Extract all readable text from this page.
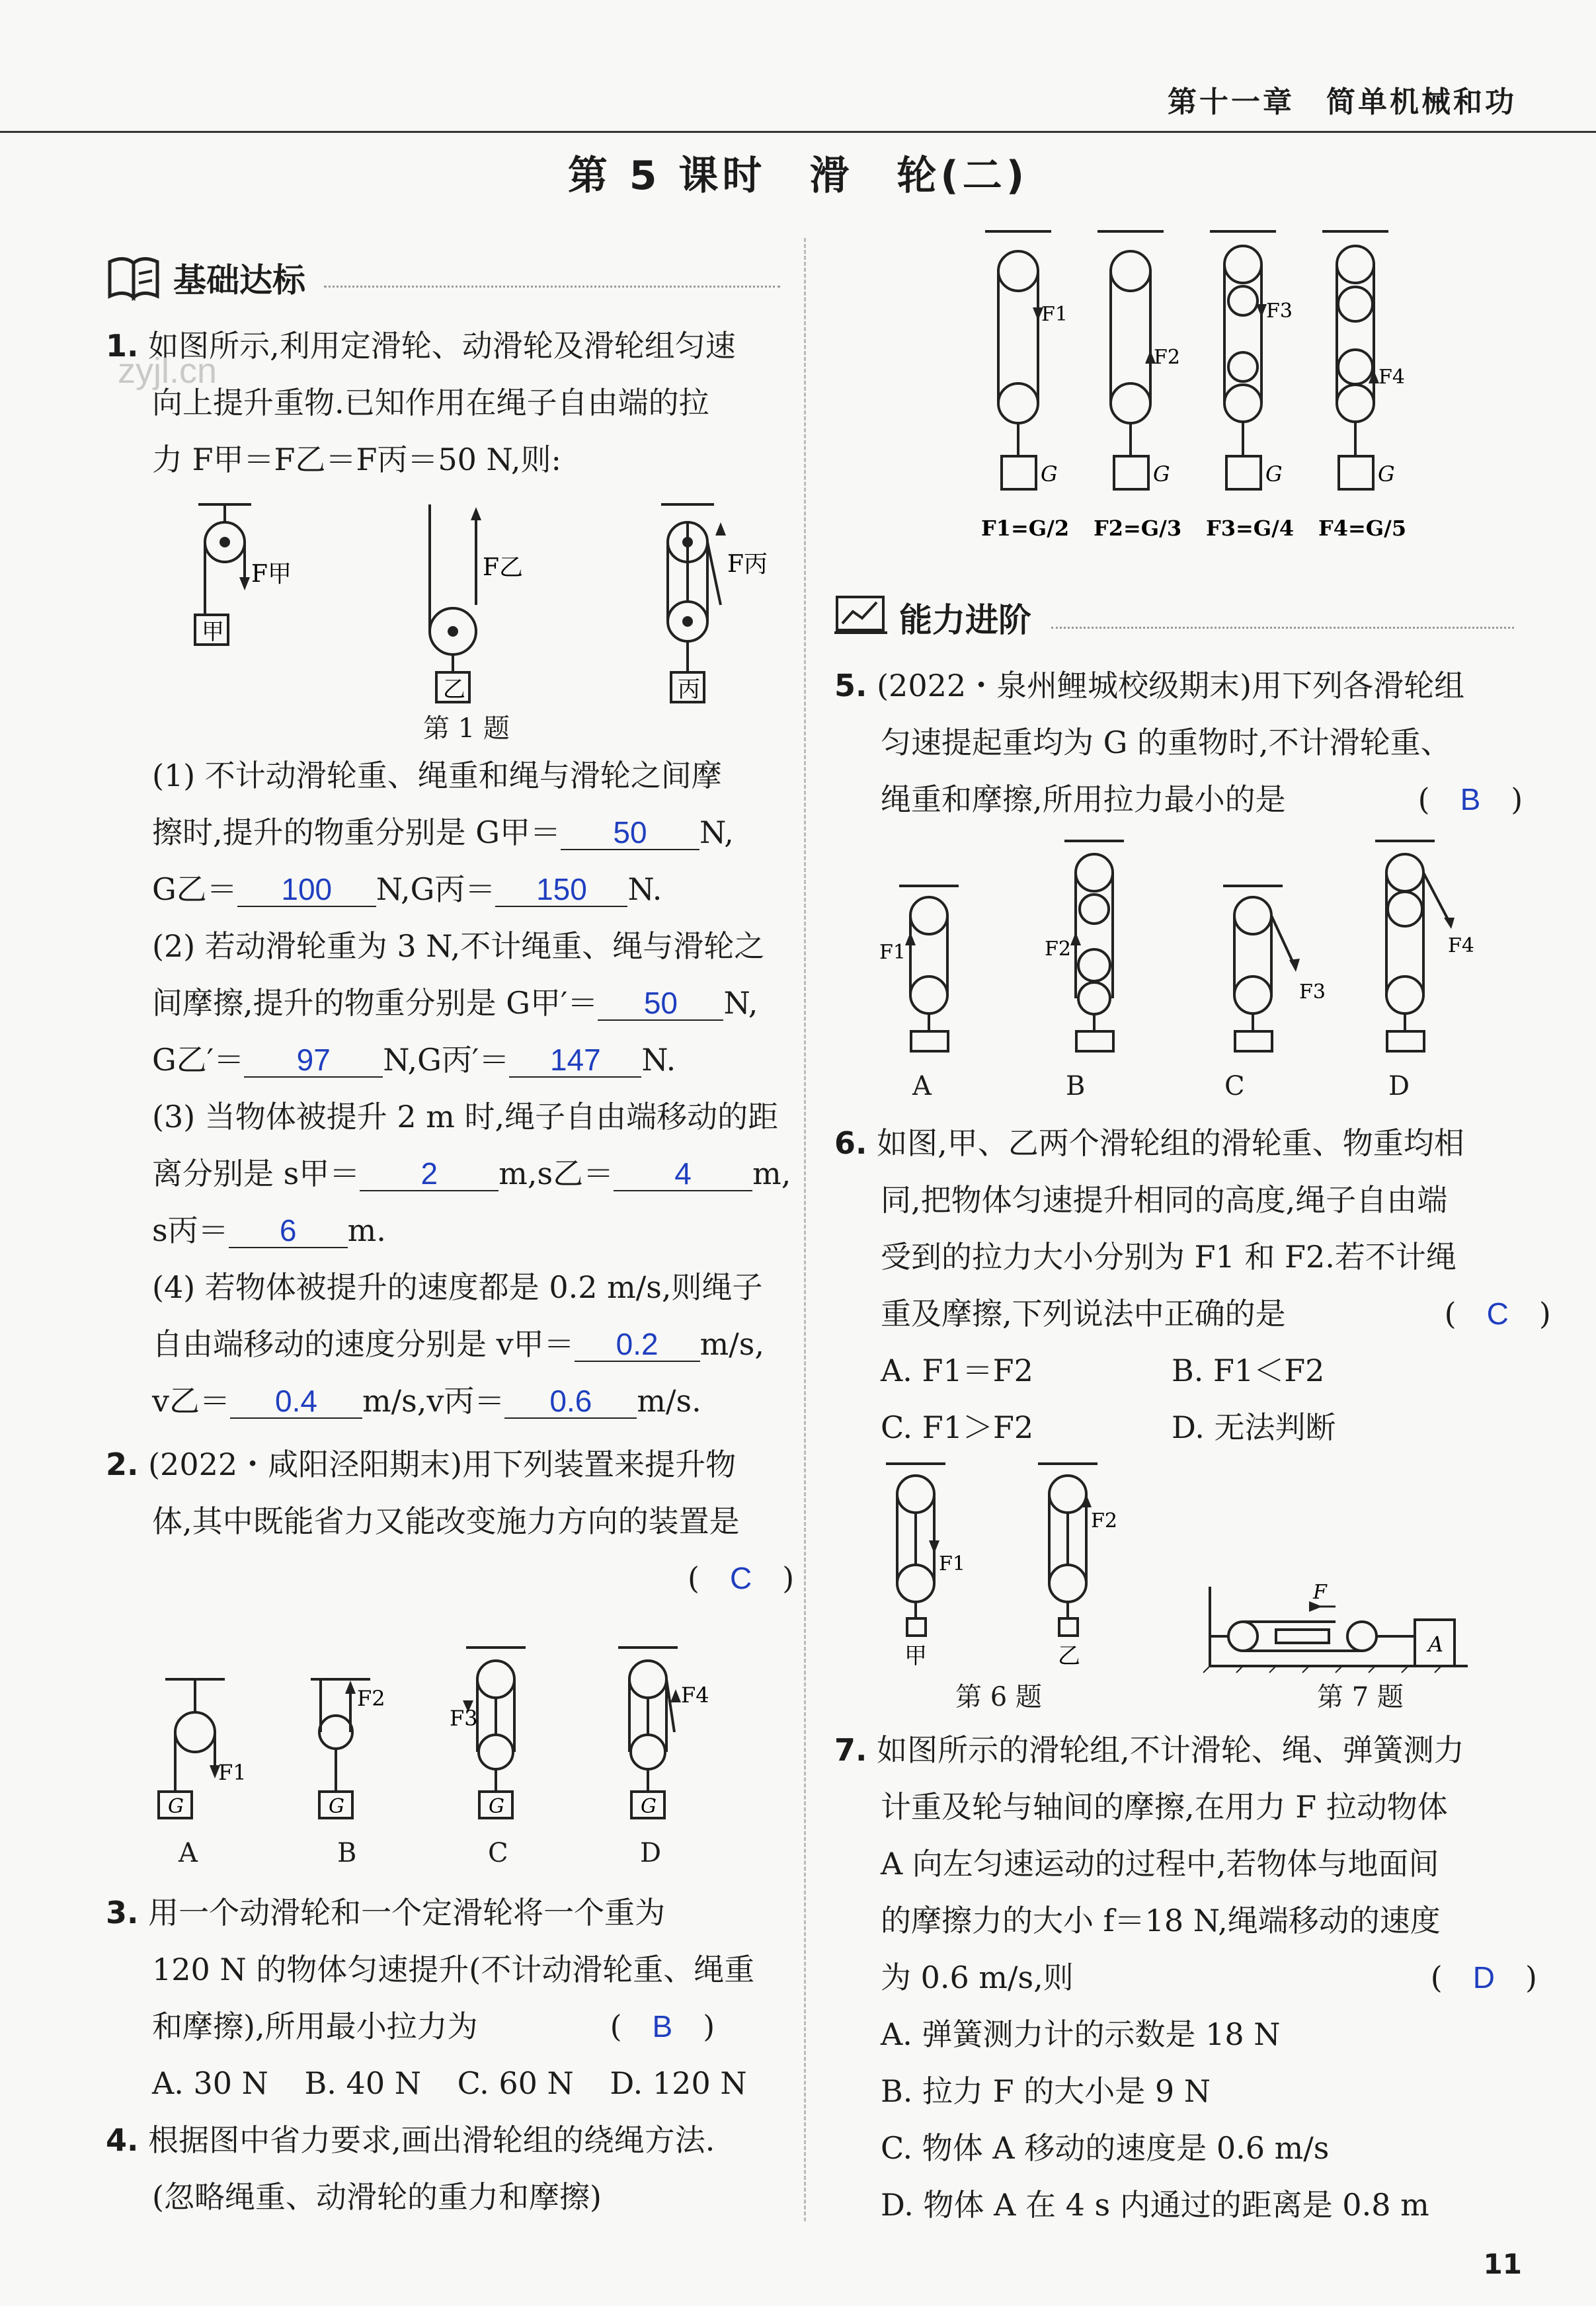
第十一章　简单机械和功
第 5 课时　滑　轮(二)
zyjl.cn
基础达标
1. 如图所示,利用定滑轮、动滑轮及滑轮组匀速
向上提升重物.已知作用在绳子自由端的拉
力 F甲＝F乙＝F丙＝50 N,则:
F甲	F乙	F丙
甲
乙	丙
第 1 题
(1) 不计动滑轮重、绳重和绳与滑轮之间摩
擦时,提升的物重分别是 G甲＝ 50 N,
G乙＝ 100 N,G丙＝ 150 N.
(2) 若动滑轮重为 3 N,不计绳重、绳与滑轮之
间摩擦,提升的物重分别是 G甲′＝ 50 N,
G乙′＝ 97 N,G丙′＝ 147 N.
(3) 当物体被提升 2 m 时,绳子自由端移动的距
离分别是 s甲＝ 2 m,s乙＝ 4 m,
s丙＝ 6 m.
(4) 若物体被提升的速度都是 0.2 m/s,则绳子
自由端移动的速度分别是 v甲＝ 0.2 m/s,
v乙＝ 0.4 m/s,v丙＝ 0.6 m/s.
2. (2022・咸阳泾阳期末)用下列装置来提升物
体,其中既能省力又能改变施力方向的装置是
(　C　)
F1
F2
F3
F4
G	G	G	G
A	B	C	D
3. 用一个动滑轮和一个定滑轮将一个重为
120 N 的物体匀速提升(不计动滑轮重、绳重
和摩擦),所用最小拉力为	(　B　)
A. 30 N B. 40 N C. 60 N D. 120 N
4. 根据图中省力要求,画出滑轮组的绕绳方法.
(忽略绳重、动滑轮的重力和摩擦)
F1
F2
F3
F4
G	G	G	G
F1=G/2 F2=G/3 F3=G/4 F4=G/5
能力进阶
5. (2022・泉州鲤城校级期末)用下列各滑轮组
匀速提起重均为 G 的重物时,不计滑轮重、
绳重和摩擦,所用拉力最小的是	(　B　)
F1	F2
F3
F4
A	B	C	D
6. 如图,甲、乙两个滑轮组的滑轮重、物重均相
同,把物体匀速提升相同的高度,绳子自由端
受到的拉力大小分别为 F1 和 F2.若不计绳
重及摩擦,下列说法中正确的是	(　C　)
A. F1＝F2	B. F1＜F2
C. F1＞F2	D. 无法判断
F1
F2
甲	乙
第 6 题
F
A
第 7 题
7. 如图所示的滑轮组,不计滑轮、绳、弹簧测力
计重及轮与轴间的摩擦,在用力 F 拉动物体
A 向左匀速运动的过程中,若物体与地面间
的摩擦力的大小 f＝18 N,绳端移动的速度
为 0.6 m/s,则	(　D　)
A. 弹簧测力计的示数是 18 N
B. 拉力 F 的大小是 9 N
C. 物体 A 移动的速度是 0.6 m/s
D. 物体 A 在 4 s 内通过的距离是 0.8 m
11
